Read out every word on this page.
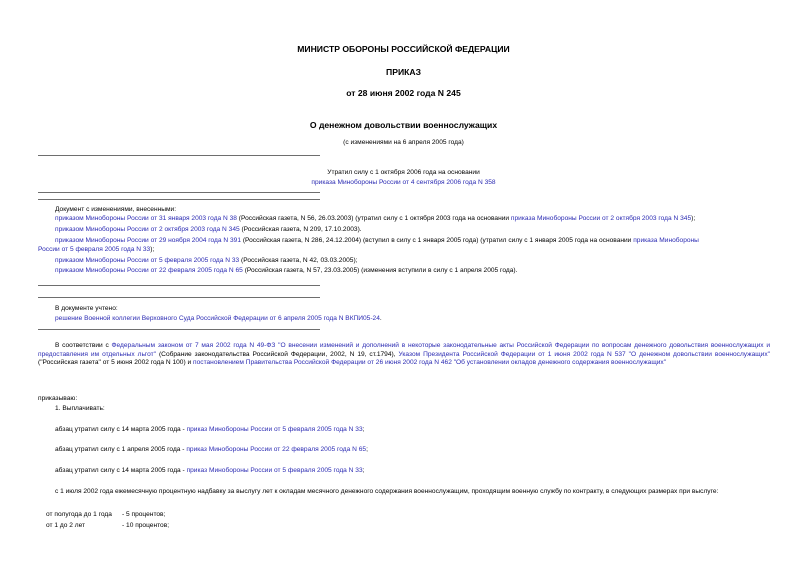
МИНИСТР ОБОРОНЫ РОССИЙСКОЙ ФЕДЕРАЦИИ
ПРИКАЗ
от 28 июня 2002 года N 245
О денежном довольствии военнослужащих
(с изменениями на 6 апреля 2005 года)
Утратил силу с 1 октября 2006 года на основании
приказа Минобороны России от 4 сентября 2006 года N 358
Документ с изменениями, внесенными:
приказом Минобороны России от 31 января 2003 года N 38 (Российская газета, N 56, 26.03.2003) (утратил силу с 1 октября 2003 года на основании приказа Минобороны России от 2 октября 2003 года N 345);
приказом Минобороны России от 2 октября 2003 года N 345 (Российская газета, N 209, 17.10.2003).
приказом Минобороны России от 29 ноября 2004 года N 391 (Российская газета, N 286, 24.12.2004) (вступил в силу с 1 января 2005 года) (утратил силу с 1 января 2005 года на основании приказа Минобороны
России от 5 февраля 2005 года N 33);
приказом Минобороны России от 5 февраля 2005 года N 33 (Российская газета, N 42, 03.03.2005);
приказом Минобороны России от 22 февраля 2005 года N 65 (Российская газета, N 57, 23.03.2005) (изменения вступили в силу с 1 апреля 2005 года).
В документе учтено:
решение Военной коллегии Верховного Суда Российской Федерации от 6 апреля 2005 года N ВКПИ05-24.
В соответствии с Федеральным законом от 7 мая 2002 года N 49-ФЗ "О внесении изменений и дополнений в некоторые законодательные акты Российской Федерации по вопросам денежного довольствия военнослужащих и предоставления им отдельных льгот" (Собрание законодательства Российской Федерации, 2002, N 19, ст.1794), Указом Президента Российской Федерации от 1 июня 2002 года N 537 "О денежном довольствии военнослужащих" ("Российская газета" от 5 июня 2002 года N 100) и постановлением Правительства Российской Федерации от 26 июня 2002 года N 462 "Об установлении окладов денежного содержания военнослужащих"
приказываю:
1. Выплачивать:
абзац утратил силу с 14 марта 2005 года - приказ Минобороны России от 5 февраля 2005 года N 33;
абзац утратил силу с 1 апреля 2005 года - приказ Минобороны России от 22 февраля 2005 года N 65;
абзац утратил силу с 14 марта 2005 года - приказ Минобороны России от 5 февраля 2005 года N 33;
с 1 июля 2002 года ежемесячную процентную надбавку за выслугу лет к окладам месячного денежного содержания военнослужащим, проходящим военную службу по контракту, в следующих размерах при выслуге:
от полугода до 1 года - 5 процентов;
от 1 до 2 лет	- 10 процентов;
